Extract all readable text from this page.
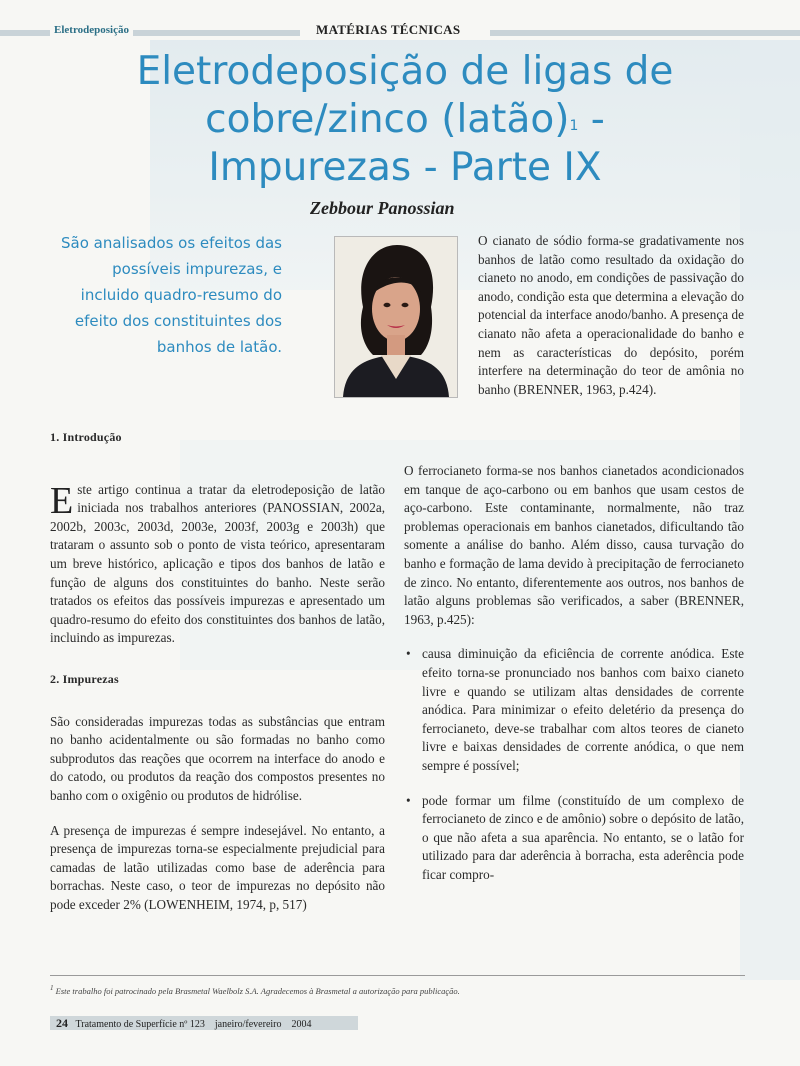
Eletrodeposição	MATÉRIAS TÉCNICAS
Eletrodeposição de ligas de
cobre/zinco (latão)$^1$ -
Impurezas - Parte IX
Zebbour Panossian
São analisados os efeitos das possíveis impurezas, e incluido quadro-resumo do efeito dos constituintes dos banhos de latão.
1. Introdução

Este artigo continua a tratar da eletrodeposição de latão iniciada nos trabalhos anteriores (PANOSSIAN, 2002a, 2002b, 2003c, 2003d, 2003e, 2003f, 2003g e 2003h) que trataram o assunto sob o ponto de vista teórico, apresentaram um breve histórico, aplicação e tipos dos banhos de latão e função de alguns dos constituintes do banho. Neste serão tratados os efeitos das possíveis impurezas e apresentado um quadro-resumo do efeito dos constituintes dos banhos de latão, incluindo as impurezas.

2. Impurezas

São consideradas impurezas todas as substâncias que entram no banho acidentalmente ou são formadas no banho como subprodutos das reações que ocorrem na interface do anodo e do catodo, ou produtos da reação dos compostos presentes no banho com o oxigênio ou produtos de hidrólise.

A presença de impurezas é sempre indesejável. No entanto, a presença de impurezas torna-se especialmente prejudicial para camadas de latão utilizadas como base de aderência para borrachas. Neste caso, o teor de impurezas no depósito não pode exceder 2% (LOWENHEIM, 1974, p, 517)

O cianato de sódio forma-se gradativamente nos banhos de latão como resultado da oxidação do cianeto no anodo, em condições de passivação do anodo, condição esta que determina a elevação do potencial da interface anodo/banho. A presença de cianato não afeta a operacionalidade do banho e nem as características do depósito, porém interfere na determinação do teor de amônia no banho (BRENNER, 1963, p.424).

O ferrocianeto forma-se nos banhos cianetados acondicionados em tanque de aço-carbono ou em banhos que usam cestos de aço-carbono. Este contaminante, normalmente, não traz problemas operacionais em banhos cianetados, dificultando tão somente a análise do banho. Além disso, causa turvação do banho e formação de lama devido à precipitação de ferrocianeto de zinco. No entanto, diferentemente aos outros, nos banhos de latão alguns problemas são verificados, a saber (BRENNER, 1963, p.425):

• causa diminuição da eficiência de corrente anódica. Este efeito torna-se pronunciado nos banhos com baixo cianeto livre e quando se utilizam altas densidades de corrente anódica. Para minimizar o efeito deletério da presença do ferrocianeto, deve-se trabalhar com altos teores de cianeto livre e baixas densidades de corrente anódica, o que nem sempre é possível;
• pode formar um filme (constituído de um complexo de ferrocianeto de zinco e de amônio) sobre o depósito de latão, o que não afeta a sua aparência. No entanto, se o latão for utilizado para dar aderência à borracha, esta aderência pode ficar compro-
$^1$ Este trabalho foi patrocinado pela Brasmetal Waelbolz S.A. Agradecemos à Brasmetal a autorização para publicação.
24 Tratamento de Superfície nº 123 janeiro/fevereiro 2004
